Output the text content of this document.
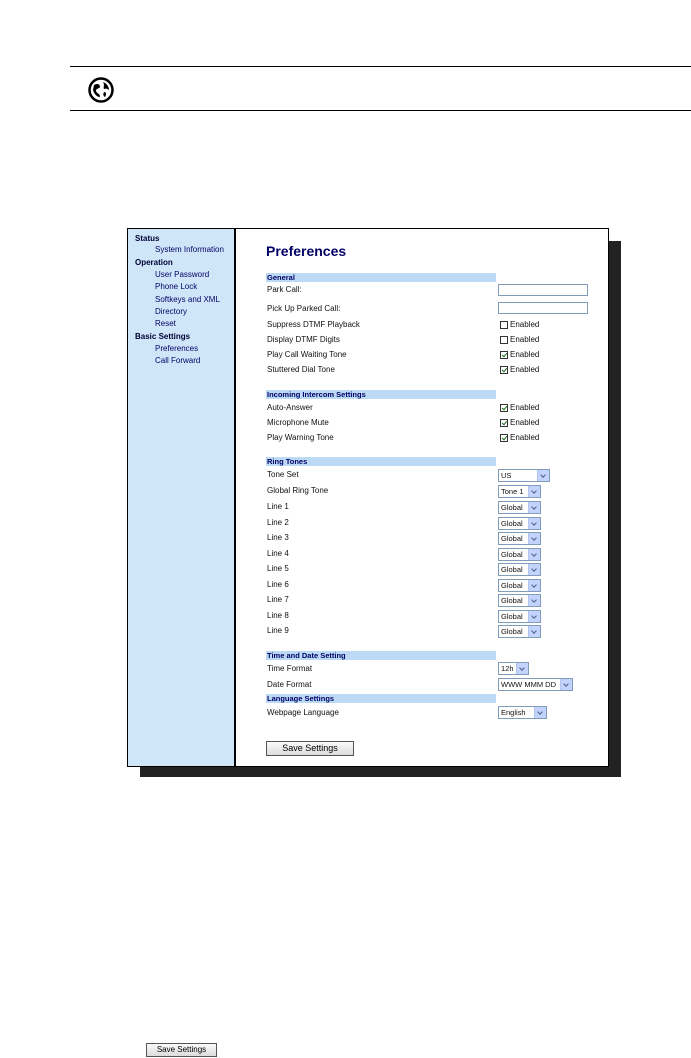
Status
System Information
Operation
User Password
Phone Lock
Softkeys and XML
Directory
Reset
Basic Settings
Preferences
Call Forward
Preferences
General
Park Call:
Pick Up Parked Call:
Suppress DTMF Playback	Enabled
Display DTMF Digits	Enabled
Play Call Waiting Tone	Enabled
Stuttered Dial Tone	Enabled
Incoming Intercom Settings
Auto-Answer	Enabled
Microphone Mute	Enabled
Play Warning Tone	Enabled
Ring Tones
Tone Set	US
Global Ring Tone	Tone 1
Line 1	Global
Line 2	Global
Line 3	Global
Line 4	Global
Line 5	Global
Line 6	Global
Line 7	Global
Line 8	Global
Line 9	Global
Time and Date Setting
Time Format	12h
Date Format	WWW MMM DD
Language Settings
Webpage Language	English
Save Settings
Save Settings
